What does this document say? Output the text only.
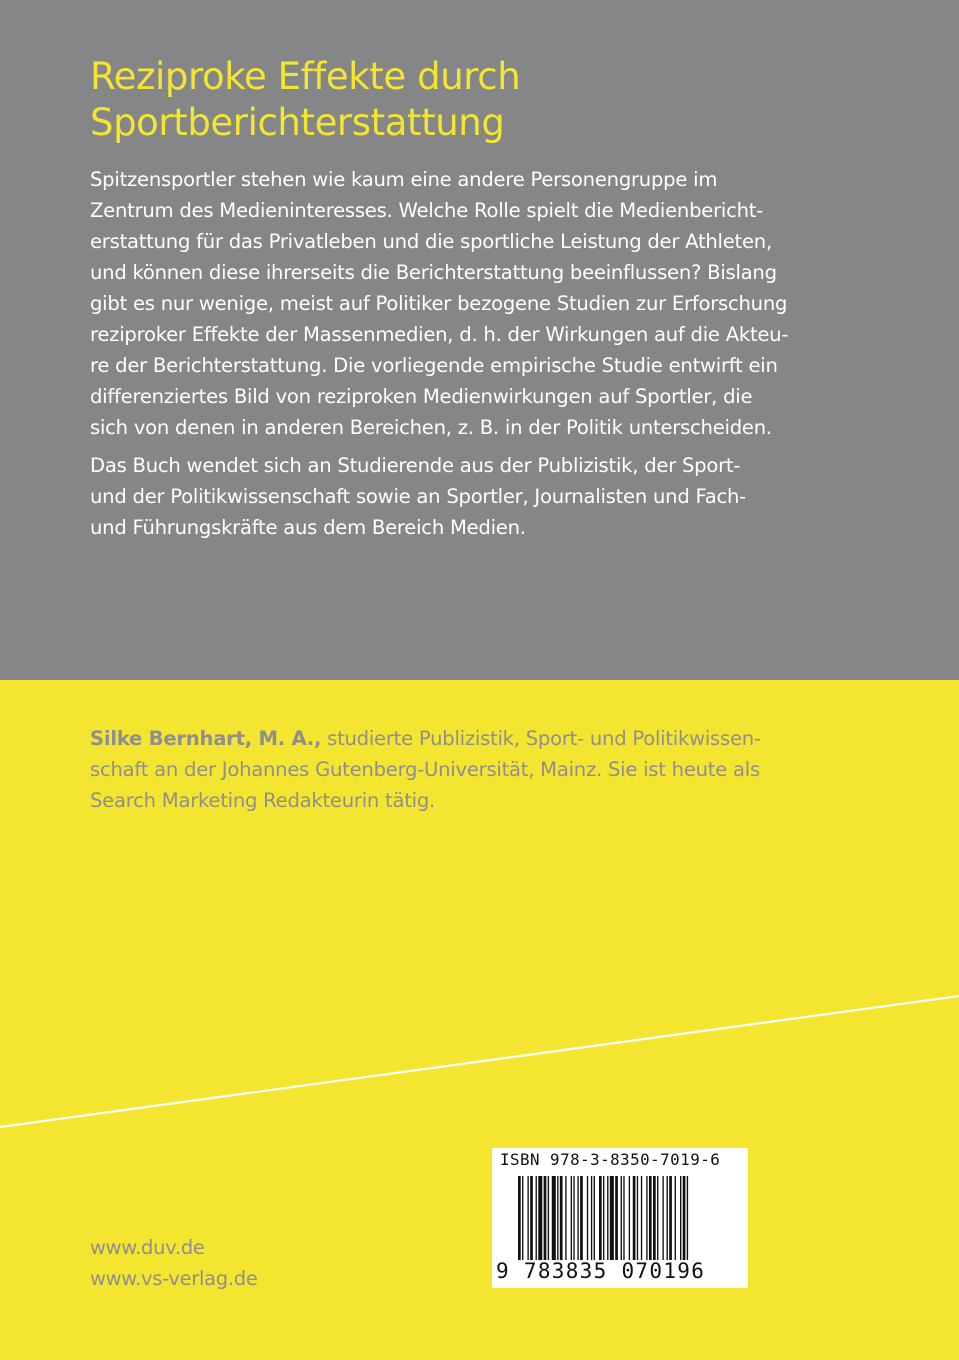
Reziproke Effekte durch
Sportberichterstattung

Spitzensportler stehen wie kaum eine andere Personengruppe im
Zentrum des Medieninteresses. Welche Rolle spielt die Medienbericht-
erstattung für das Privatleben und die sportliche Leistung der Athleten,
und können diese ihrerseits die Berichterstattung beeinflussen? Bislang
gibt es nur wenige, meist auf Politiker bezogene Studien zur Erforschung
reziproker Effekte der Massenmedien, d. h. der Wirkungen auf die Akteu-
re der Berichterstattung. Die vorliegende empirische Studie entwirft ein
differenziertes Bild von reziproken Medienwirkungen auf Sportler, die
sich von denen in anderen Bereichen, z. B. in der Politik unterscheiden.

Das Buch wendet sich an Studierende aus der Publizistik, der Sport-
und der Politikwissenschaft sowie an Sportler, Journalisten und Fach-
und Führungskräfte aus dem Bereich Medien.

Silke Bernhart, M. A., studierte Publizistik, Sport- und Politikwissen-
schaft an der Johannes Gutenberg-Universität, Mainz. Sie ist heute als
Search Marketing Redakteurin tätig.

www.duv.de
www.vs-verlag.de
ISBN 978-3-8350-7019-6
9 783835 070196
